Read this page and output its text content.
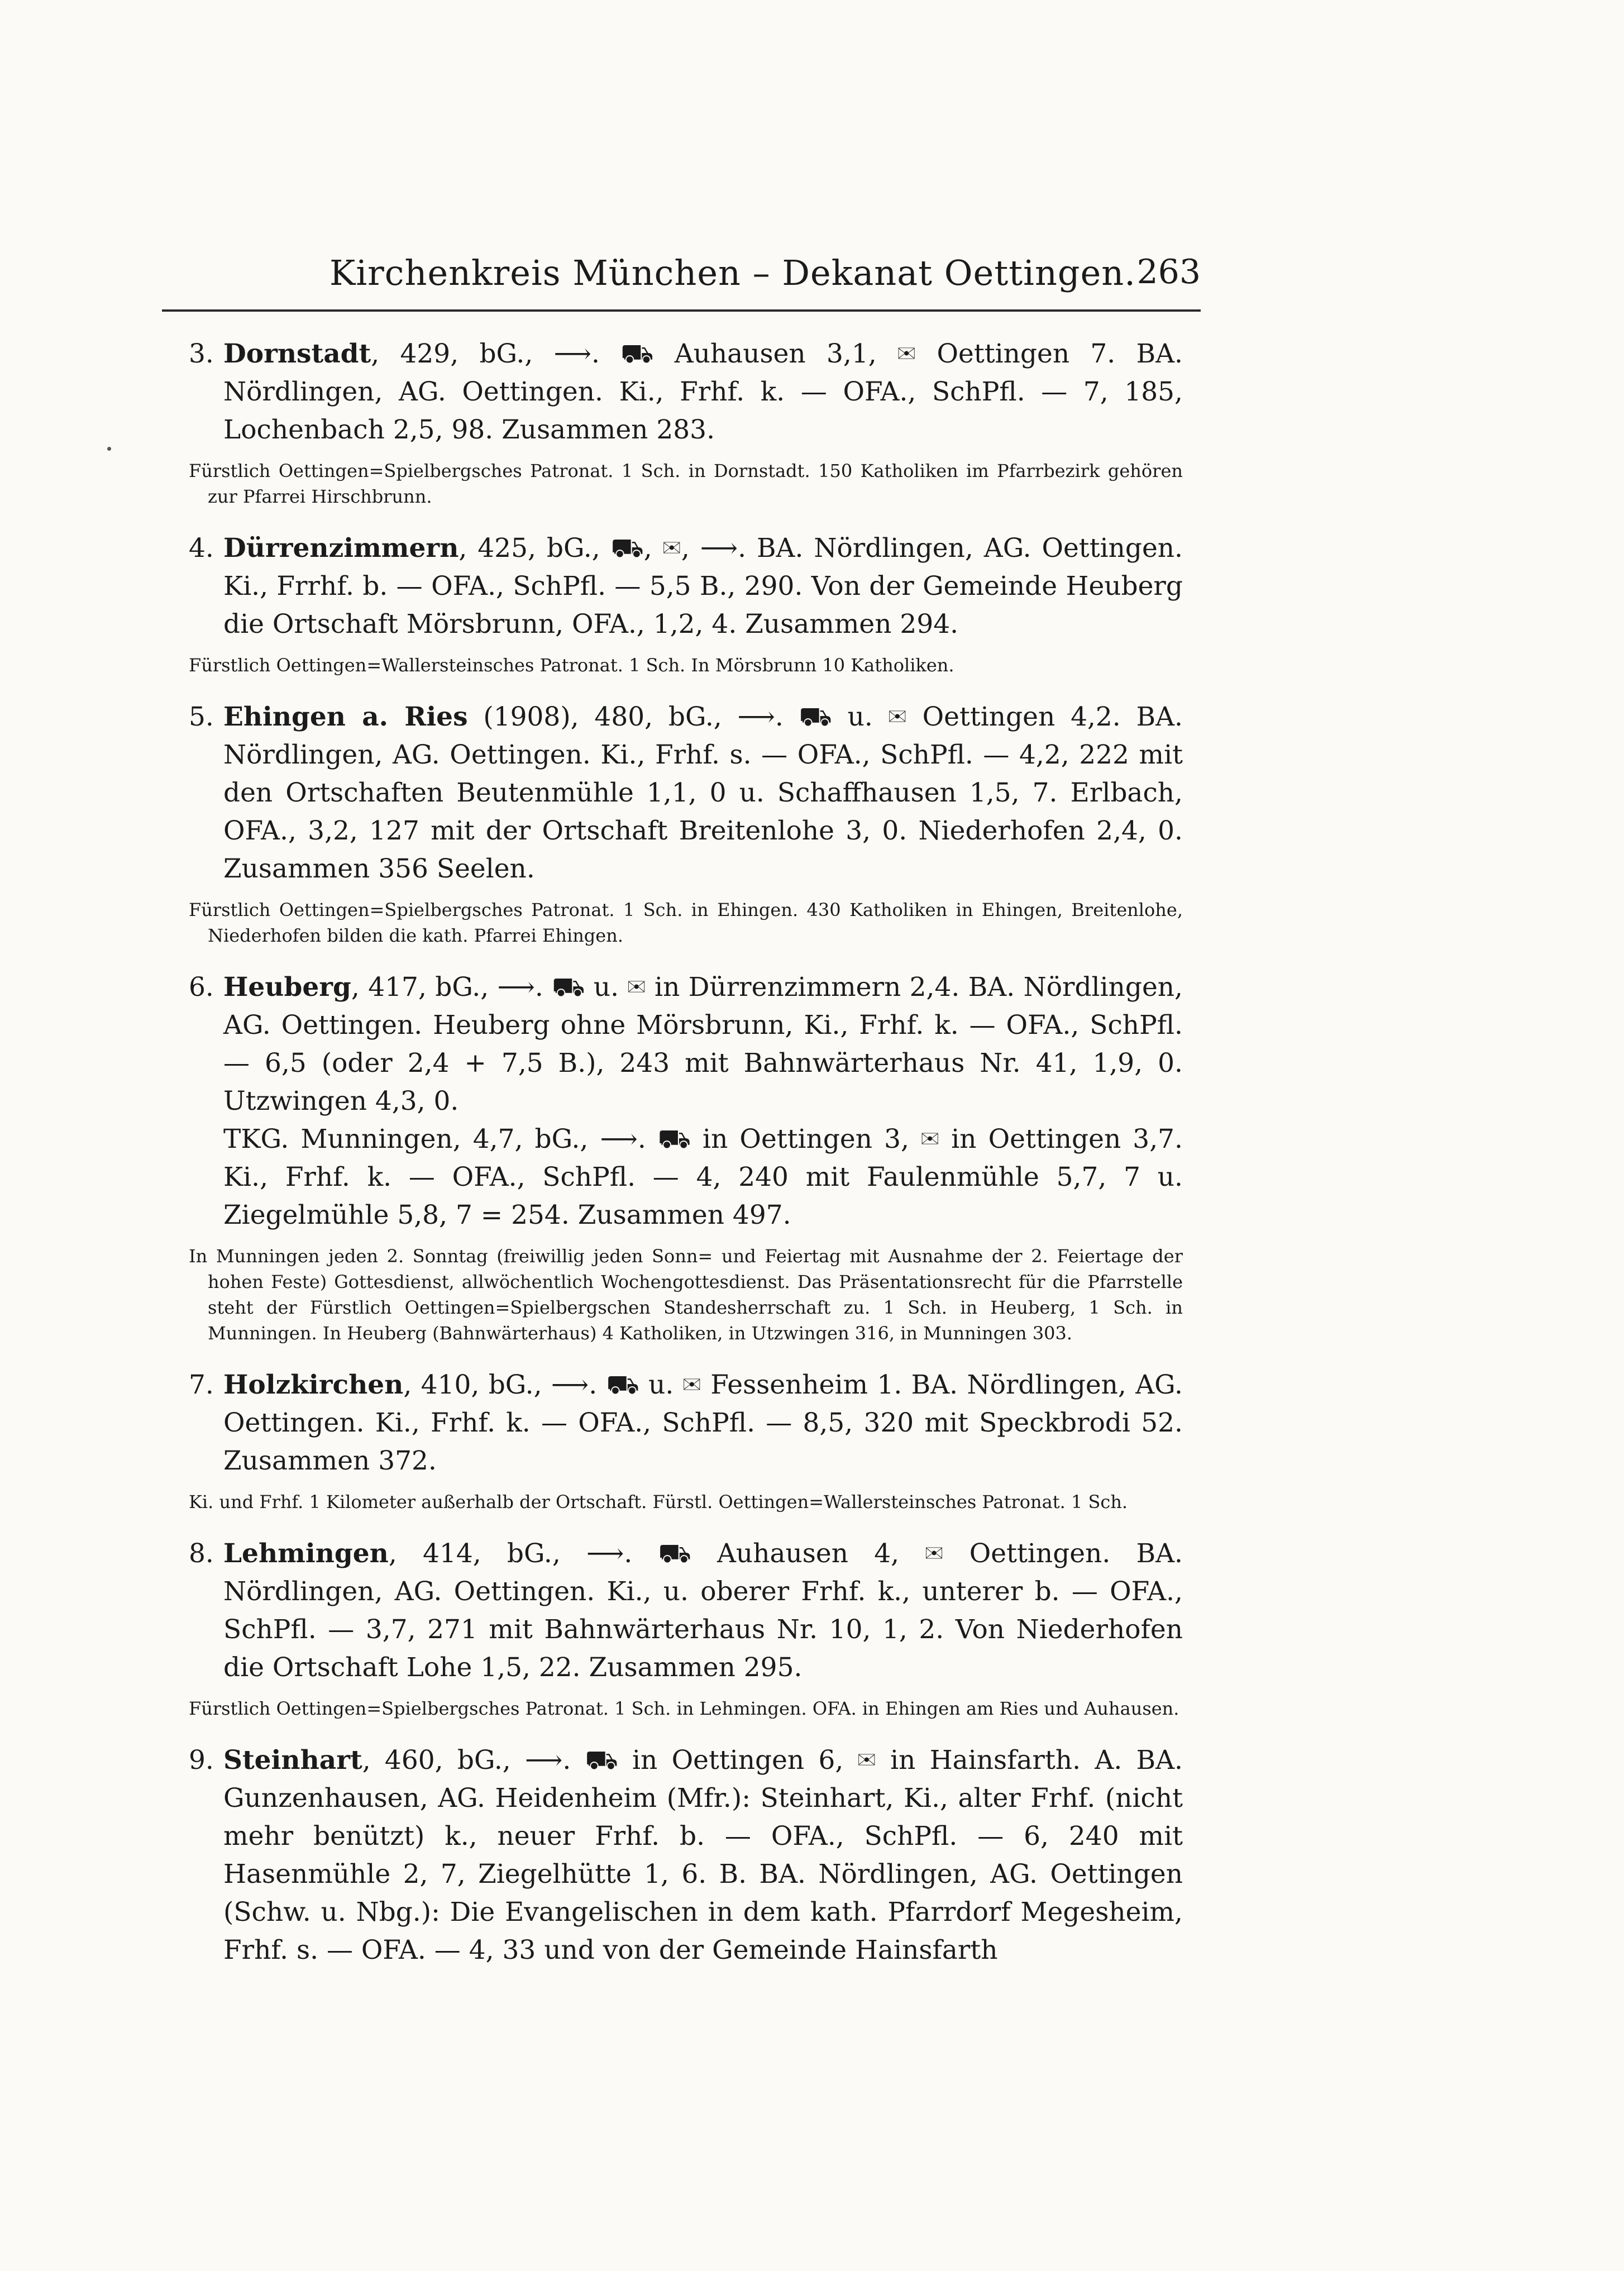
Kirchenkreis München – Dekanat Oettingen. 263

3. Dornstadt, 429, bG., ⟶. ⛟ Auhausen 3,1, ✉ Oettingen 7. BA. Nördlingen, AG. Oettingen. Ki., Frhf. k. — OFA., SchPfl. — 7, 185, Lochenbach 2,5, 98. Zusammen 283.

Fürstlich Oettingen=Spielbergsches Patronat. 1 Sch. in Dornstadt. 150 Katholiken im Pfarrbezirk gehören zur Pfarrei Hirschbrunn.

4. Dürrenzimmern, 425, bG., ⛟, ✉, ⟶. BA. Nördlingen, AG. Oettingen. Ki., Frrhf. b. — OFA., SchPfl. — 5,5 B., 290. Von der Gemeinde Heuberg die Ortschaft Mörsbrunn, OFA., 1,2, 4. Zusammen 294.

Fürstlich Oettingen=Wallersteinsches Patronat. 1 Sch. In Mörsbrunn 10 Katholiken.

5. Ehingen a. Ries (1908), 480, bG., ⟶. ⛟ u. ✉ Oettingen 4,2. BA. Nördlingen, AG. Oettingen. Ki., Frhf. s. — OFA., SchPfl. — 4,2, 222 mit den Ortschaften Beutenmühle 1,1, 0 u. Schaffhausen 1,5, 7. Erlbach, OFA., 3,2, 127 mit der Ortschaft Breitenlohe 3, 0. Niederhofen 2,4, 0. Zusammen 356 Seelen.

Fürstlich Oettingen=Spielbergsches Patronat. 1 Sch. in Ehingen. 430 Katholiken in Ehingen, Breitenlohe, Niederhofen bilden die kath. Pfarrei Ehingen.

6. Heuberg, 417, bG., ⟶. ⛟ u. ✉ in Dürrenzimmern 2,4. BA. Nördlingen, AG. Oettingen. Heuberg ohne Mörsbrunn, Ki., Frhf. k. — OFA., SchPfl. — 6,5 (oder 2,4 + 7,5 B.), 243 mit Bahnwärterhaus Nr. 41, 1,9, 0. Utzwingen 4,3, 0.

TKG. Munningen, 4,7, bG., ⟶. ⛟ in Oettingen 3, ✉ in Oettingen 3,7. Ki., Frhf. k. — OFA., SchPfl. — 4, 240 mit Faulenmühle 5,7, 7 u. Ziegelmühle 5,8, 7 = 254. Zusammen 497.

In Munningen jeden 2. Sonntag (freiwillig jeden Sonn= und Feiertag mit Ausnahme der 2. Feiertage der hohen Feste) Gottesdienst, allwöchentlich Wochengottesdienst. Das Präsentationsrecht für die Pfarrstelle steht der Fürstlich Oettingen=Spielbergschen Standesherrschaft zu. 1 Sch. in Heuberg, 1 Sch. in Munningen. In Heuberg (Bahnwärterhaus) 4 Katholiken, in Utzwingen 316, in Munningen 303.

7. Holzkirchen, 410, bG., ⟶. ⛟ u. ✉ Fessenheim 1. BA. Nördlingen, AG. Oettingen. Ki., Frhf. k. — OFA., SchPfl. — 8,5, 320 mit Speckbrodi 52. Zusammen 372.

Ki. und Frhf. 1 Kilometer außerhalb der Ortschaft. Fürstl. Oettingen=Wallersteinsches Patronat. 1 Sch.

8. Lehmingen, 414, bG., ⟶. ⛟ Auhausen 4, ✉ Oettingen. BA. Nördlingen, AG. Oettingen. Ki., u. oberer Frhf. k., unterer b. — OFA., SchPfl. — 3,7, 271 mit Bahnwärterhaus Nr. 10, 1, 2. Von Niederhofen die Ortschaft Lohe 1,5, 22. Zusammen 295.

Fürstlich Oettingen=Spielbergsches Patronat. 1 Sch. in Lehmingen. OFA. in Ehingen am Ries und Auhausen.

9. Steinhart, 460, bG., ⟶. ⛟ in Oettingen 6, ✉ in Hainsfarth. A. BA. Gunzenhausen, AG. Heidenheim (Mfr.): Steinhart, Ki., alter Frhf. (nicht mehr benützt) k., neuer Frhf. b. — OFA., SchPfl. — 6, 240 mit Hasenmühle 2, 7, Ziegelhütte 1, 6. B. BA. Nördlingen, AG. Oettingen (Schw. u. Nbg.): Die Evangelischen in dem kath. Pfarrdorf Megesheim, Frhf. s. — OFA. — 4, 33 und von der Gemeinde Hainsfarth
